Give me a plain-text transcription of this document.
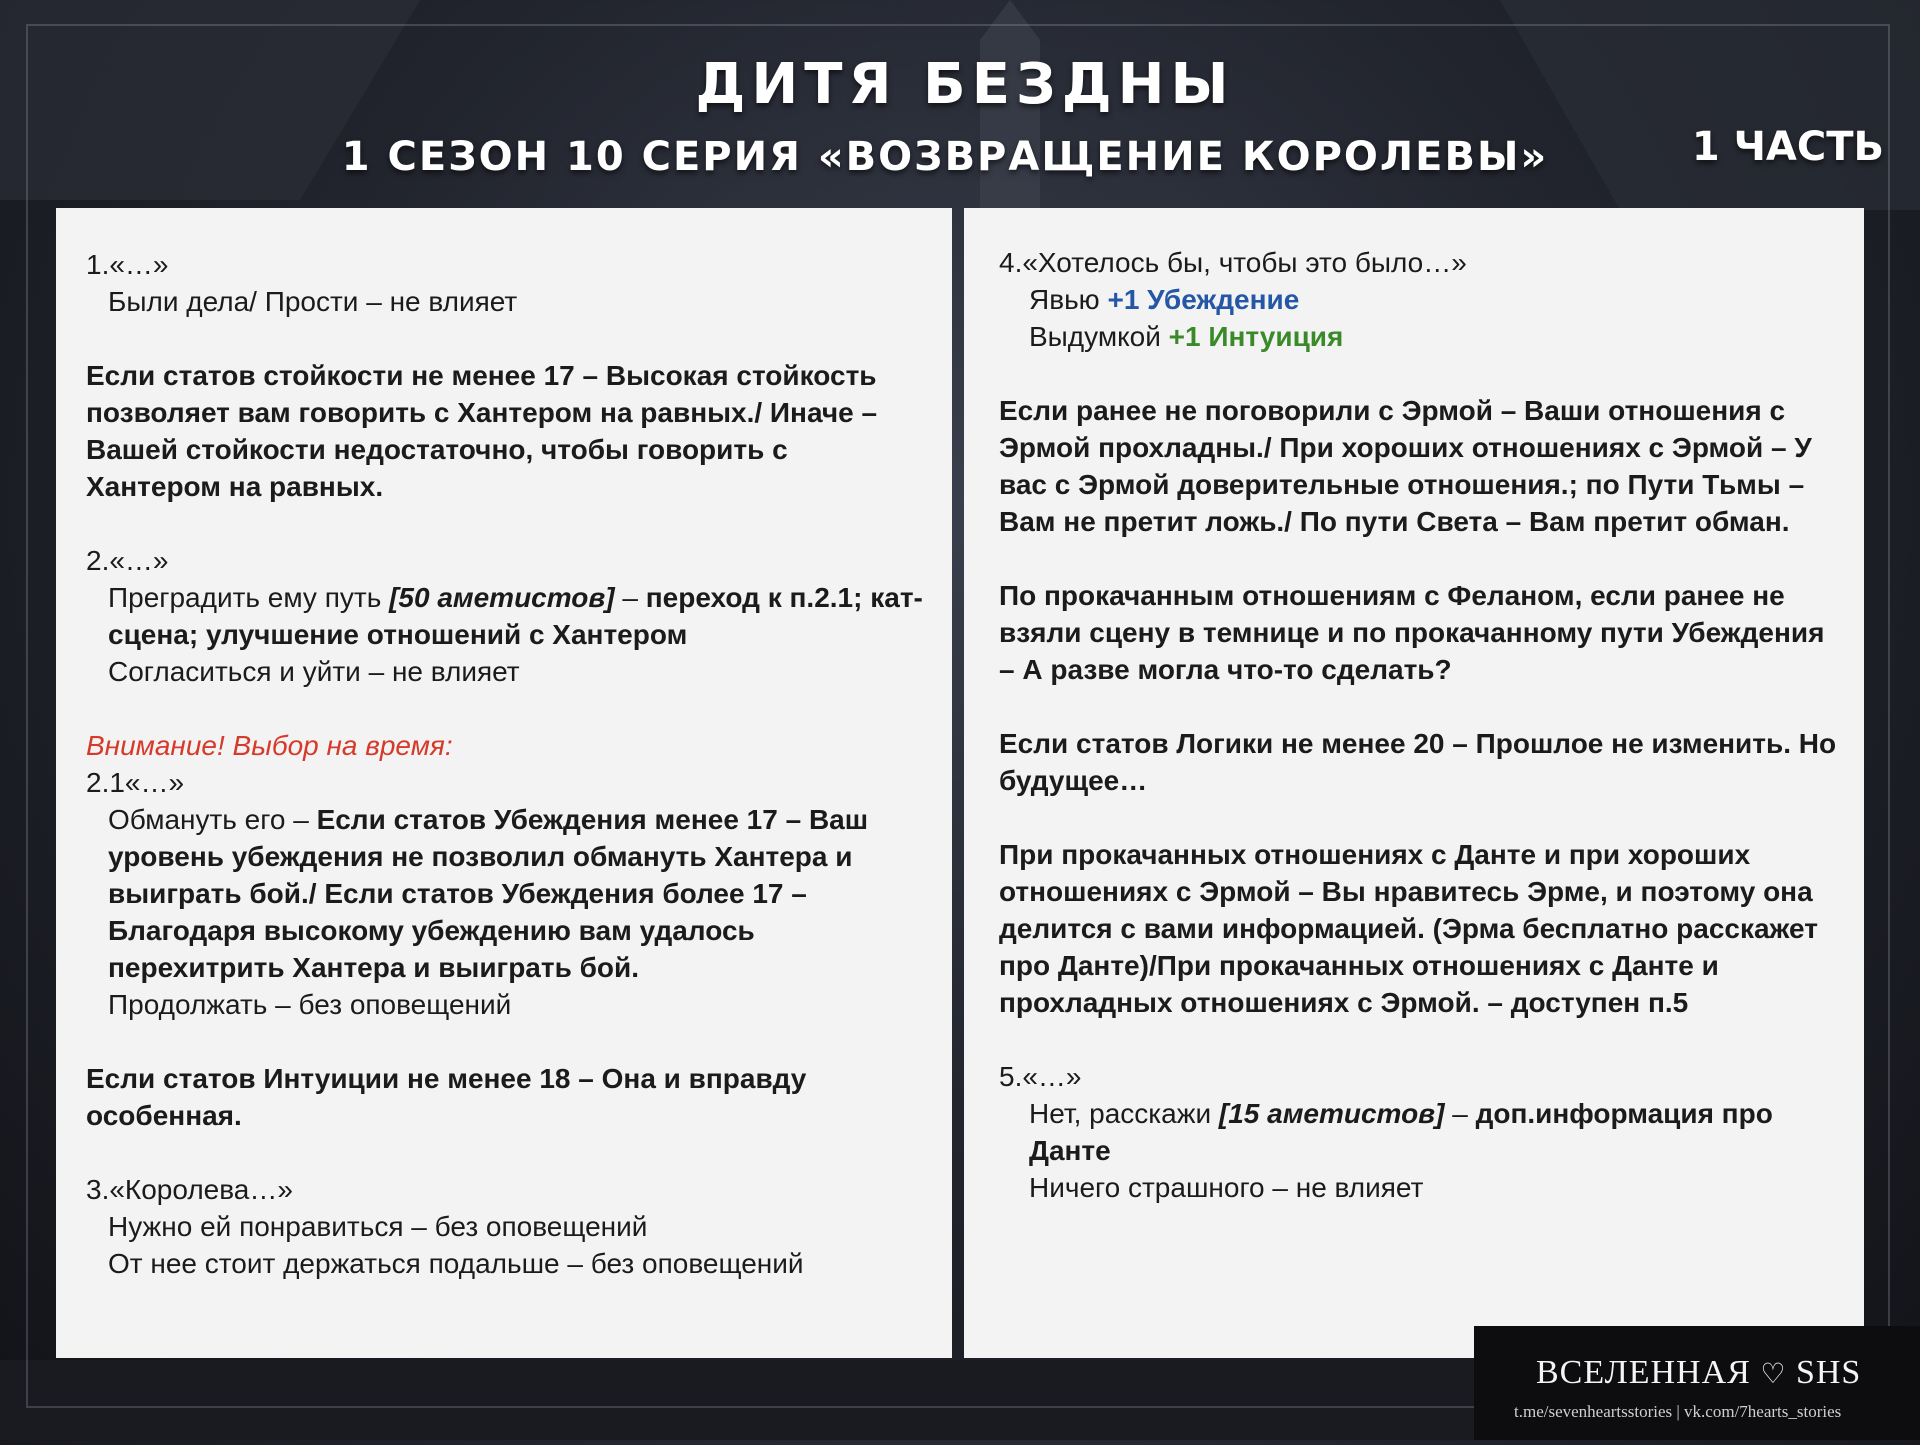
ДИТЯ БЕЗДНЫ
1 СЕЗОН 10 СЕРИЯ «ВОЗВРАЩЕНИЕ КОРОЛЕВЫ»	1 ЧАСТЬ

1.«…»

Были дела/ Прости – не влияет

Если статов стойкости не менее 17 – Высокая стойкость позволяет вам говорить с Хантером на равных./ Иначе – Вашей стойкости недостаточно, чтобы говорить с Хантером на равных.

2.«…»

Преградить ему путь [50 аметистов] – переход к п.2.1; кат-сцена; улучшение отношений с Хантером

Согласиться и уйти – не влияет

Внимание! Выбор на время:

2.1«…»

Обмануть его – Если статов Убеждения менее 17 – Ваш уровень убеждения не позволил обмануть Хантера и выиграть бой./ Если статов Убеждения более 17 – Благодаря высокому убеждению вам удалось перехитрить Хантера и выиграть бой.

Продолжать – без оповещений

Если статов Интуиции не менее 18 – Она и вправду особенная.

3.«Королева…»

Нужно ей понравиться – без оповещений

От нее стоит держаться подальше – без оповещений

4.«Хотелось бы, чтобы это было…»

Явью +1 Убеждение

Выдумкой +1 Интуиция

Если ранее не поговорили с Эрмой – Ваши отношения с Эрмой прохладны./ При хороших отношениях с Эрмой – У вас с Эрмой доверительные отношения.; по Пути Тьмы – Вам не претит ложь./ По пути Света – Вам претит обман.

По прокачанным отношениям с Феланом, если ранее не взяли сцену в темнице и по прокачанному пути Убеждения – А разве могла что-то сделать?

Если статов Логики не менее 20 – Прошлое не изменить. Но будущее…

При прокачанных отношениях с Данте и при хороших отношениях с Эрмой – Вы нравитесь Эрме, и поэтому она делится с вами информацией. (Эрма бесплатно расскажет про Данте)/При прокачанных отношениях с Данте и прохладных отношениях с Эрмой. – доступен п.5

5.«…»

Нет, расскажи [15 аметистов] – доп.информация про Данте

Ничего страшного – не влияет

ВСЕЛЕННАЯ ♡ SHS
t.me/sevenheartsstories | vk.com/7hearts_stories
